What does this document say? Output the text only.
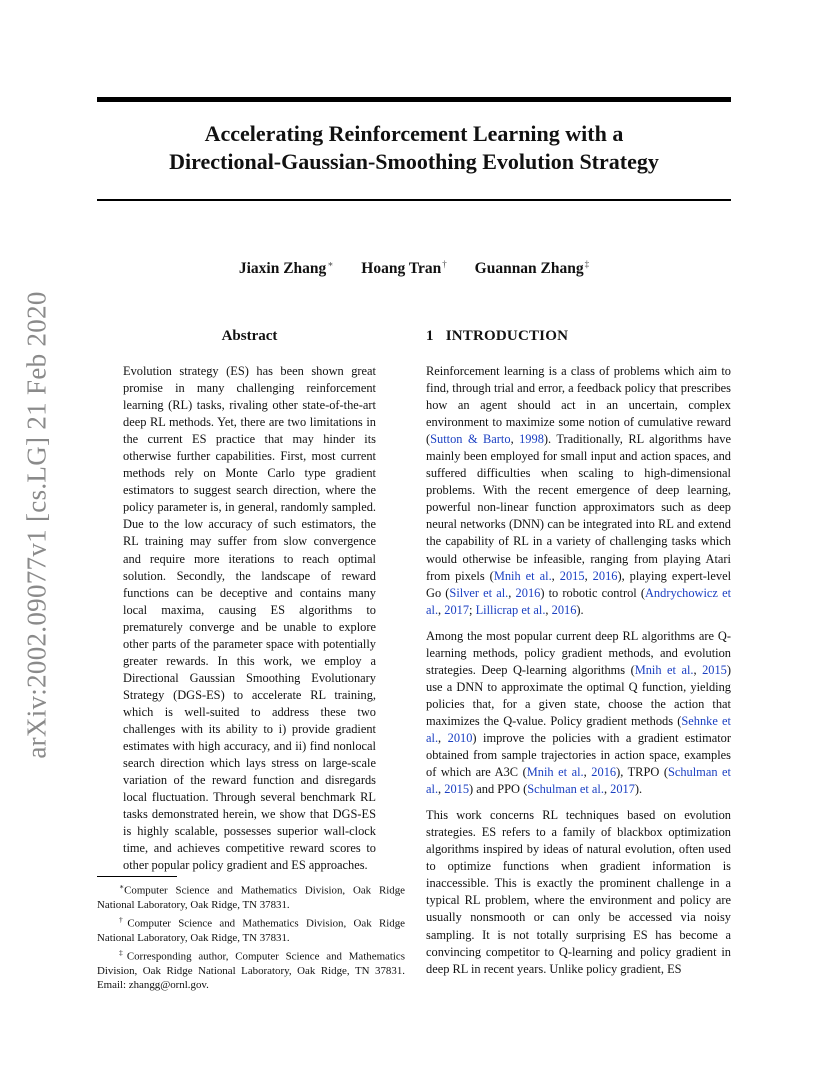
Accelerating Reinforcement Learning with a
Directional-Gaussian-Smoothing Evolution Strategy
Jiaxin Zhang∗ Hoang Tran† Guannan Zhang‡
arXiv:2002.09077v1 [cs.LG] 21 Feb 2020	Abstract

Evolution strategy (ES) has been shown great promise in many challenging reinforcement learning (RL) tasks, rivaling other state-of-the-art deep RL methods. Yet, there are two limitations in the current ES practice that may hinder its otherwise further capabilities. First, most current methods rely on Monte Carlo type gradient estimators to suggest search direction, where the policy parameter is, in general, randomly sampled. Due to the low accuracy of such estimators, the RL training may suffer from slow convergence and require more iterations to reach optimal solution. Secondly, the landscape of reward functions can be deceptive and contains many local maxima, causing ES algorithms to prematurely converge and be unable to explore other parts of the parameter space with potentially greater rewards. In this work, we employ a Directional Gaussian Smoothing Evolutionary Strategy (DGS-ES) to accelerate RL training, which is well-suited to address these two challenges with its ability to i) provide gradient estimates with high accuracy, and ii) find nonlocal search direction which lays stress on large-scale variation of the reward function and disregards local fluctuation. Through several benchmark RL tasks demonstrated herein, we show that DGS-ES is highly scalable, possesses superior wall-clock time, and achieves competitive reward scores to other popular policy gradient and ES approaches.

∗Computer Science and Mathematics Division, Oak Ridge National Laboratory, Oak Ridge, TN 37831.

†Computer Science and Mathematics Division, Oak Ridge National Laboratory, Oak Ridge, TN 37831.

‡Corresponding author, Computer Science and Mathematics Division, Oak Ridge National Laboratory, Oak Ridge, TN 37831. Email: zhangg@ornl.gov.

1 INTRODUCTION

Reinforcement learning is a class of problems which aim to find, through trial and error, a feedback policy that prescribes how an agent should act in an uncertain, complex environment to maximize some notion of cumulative reward (Sutton & Barto, 1998). Traditionally, RL algorithms have mainly been employed for small input and action spaces, and suffered difficulties when scaling to high-dimensional problems. With the recent emergence of deep learning, powerful non-linear function approximators such as deep neural networks (DNN) can be integrated into RL and extend the capability of RL in a variety of challenging tasks which would otherwise be infeasible, ranging from playing Atari from pixels (Mnih et al., 2015, 2016), playing expert-level Go (Silver et al., 2016) to robotic control (Andrychowicz et al., 2017; Lillicrap et al., 2016).

Among the most popular current deep RL algorithms are Q-learning methods, policy gradient methods, and evolution strategies. Deep Q-learning algorithms (Mnih et al., 2015) use a DNN to approximate the optimal Q function, yielding policies that, for a given state, choose the action that maximizes the Q-value. Policy gradient methods (Sehnke et al., 2010) improve the policies with a gradient estimator obtained from sample trajectories in action space, examples of which are A3C (Mnih et al., 2016), TRPO (Schulman et al., 2015) and PPO (Schulman et al., 2017).

This work concerns RL techniques based on evolution strategies. ES refers to a family of blackbox optimization algorithms inspired by ideas of natural evolution, often used to optimize functions when gradient information is inaccessible. This is exactly the prominent challenge in a typical RL problem, where the environment and policy are usually nonsmooth or can only be accessed via noisy sampling. It is not totally surprising ES has become a convincing competitor to Q-learning and policy gradient in deep RL in recent years. Unlike policy gradient, ES
